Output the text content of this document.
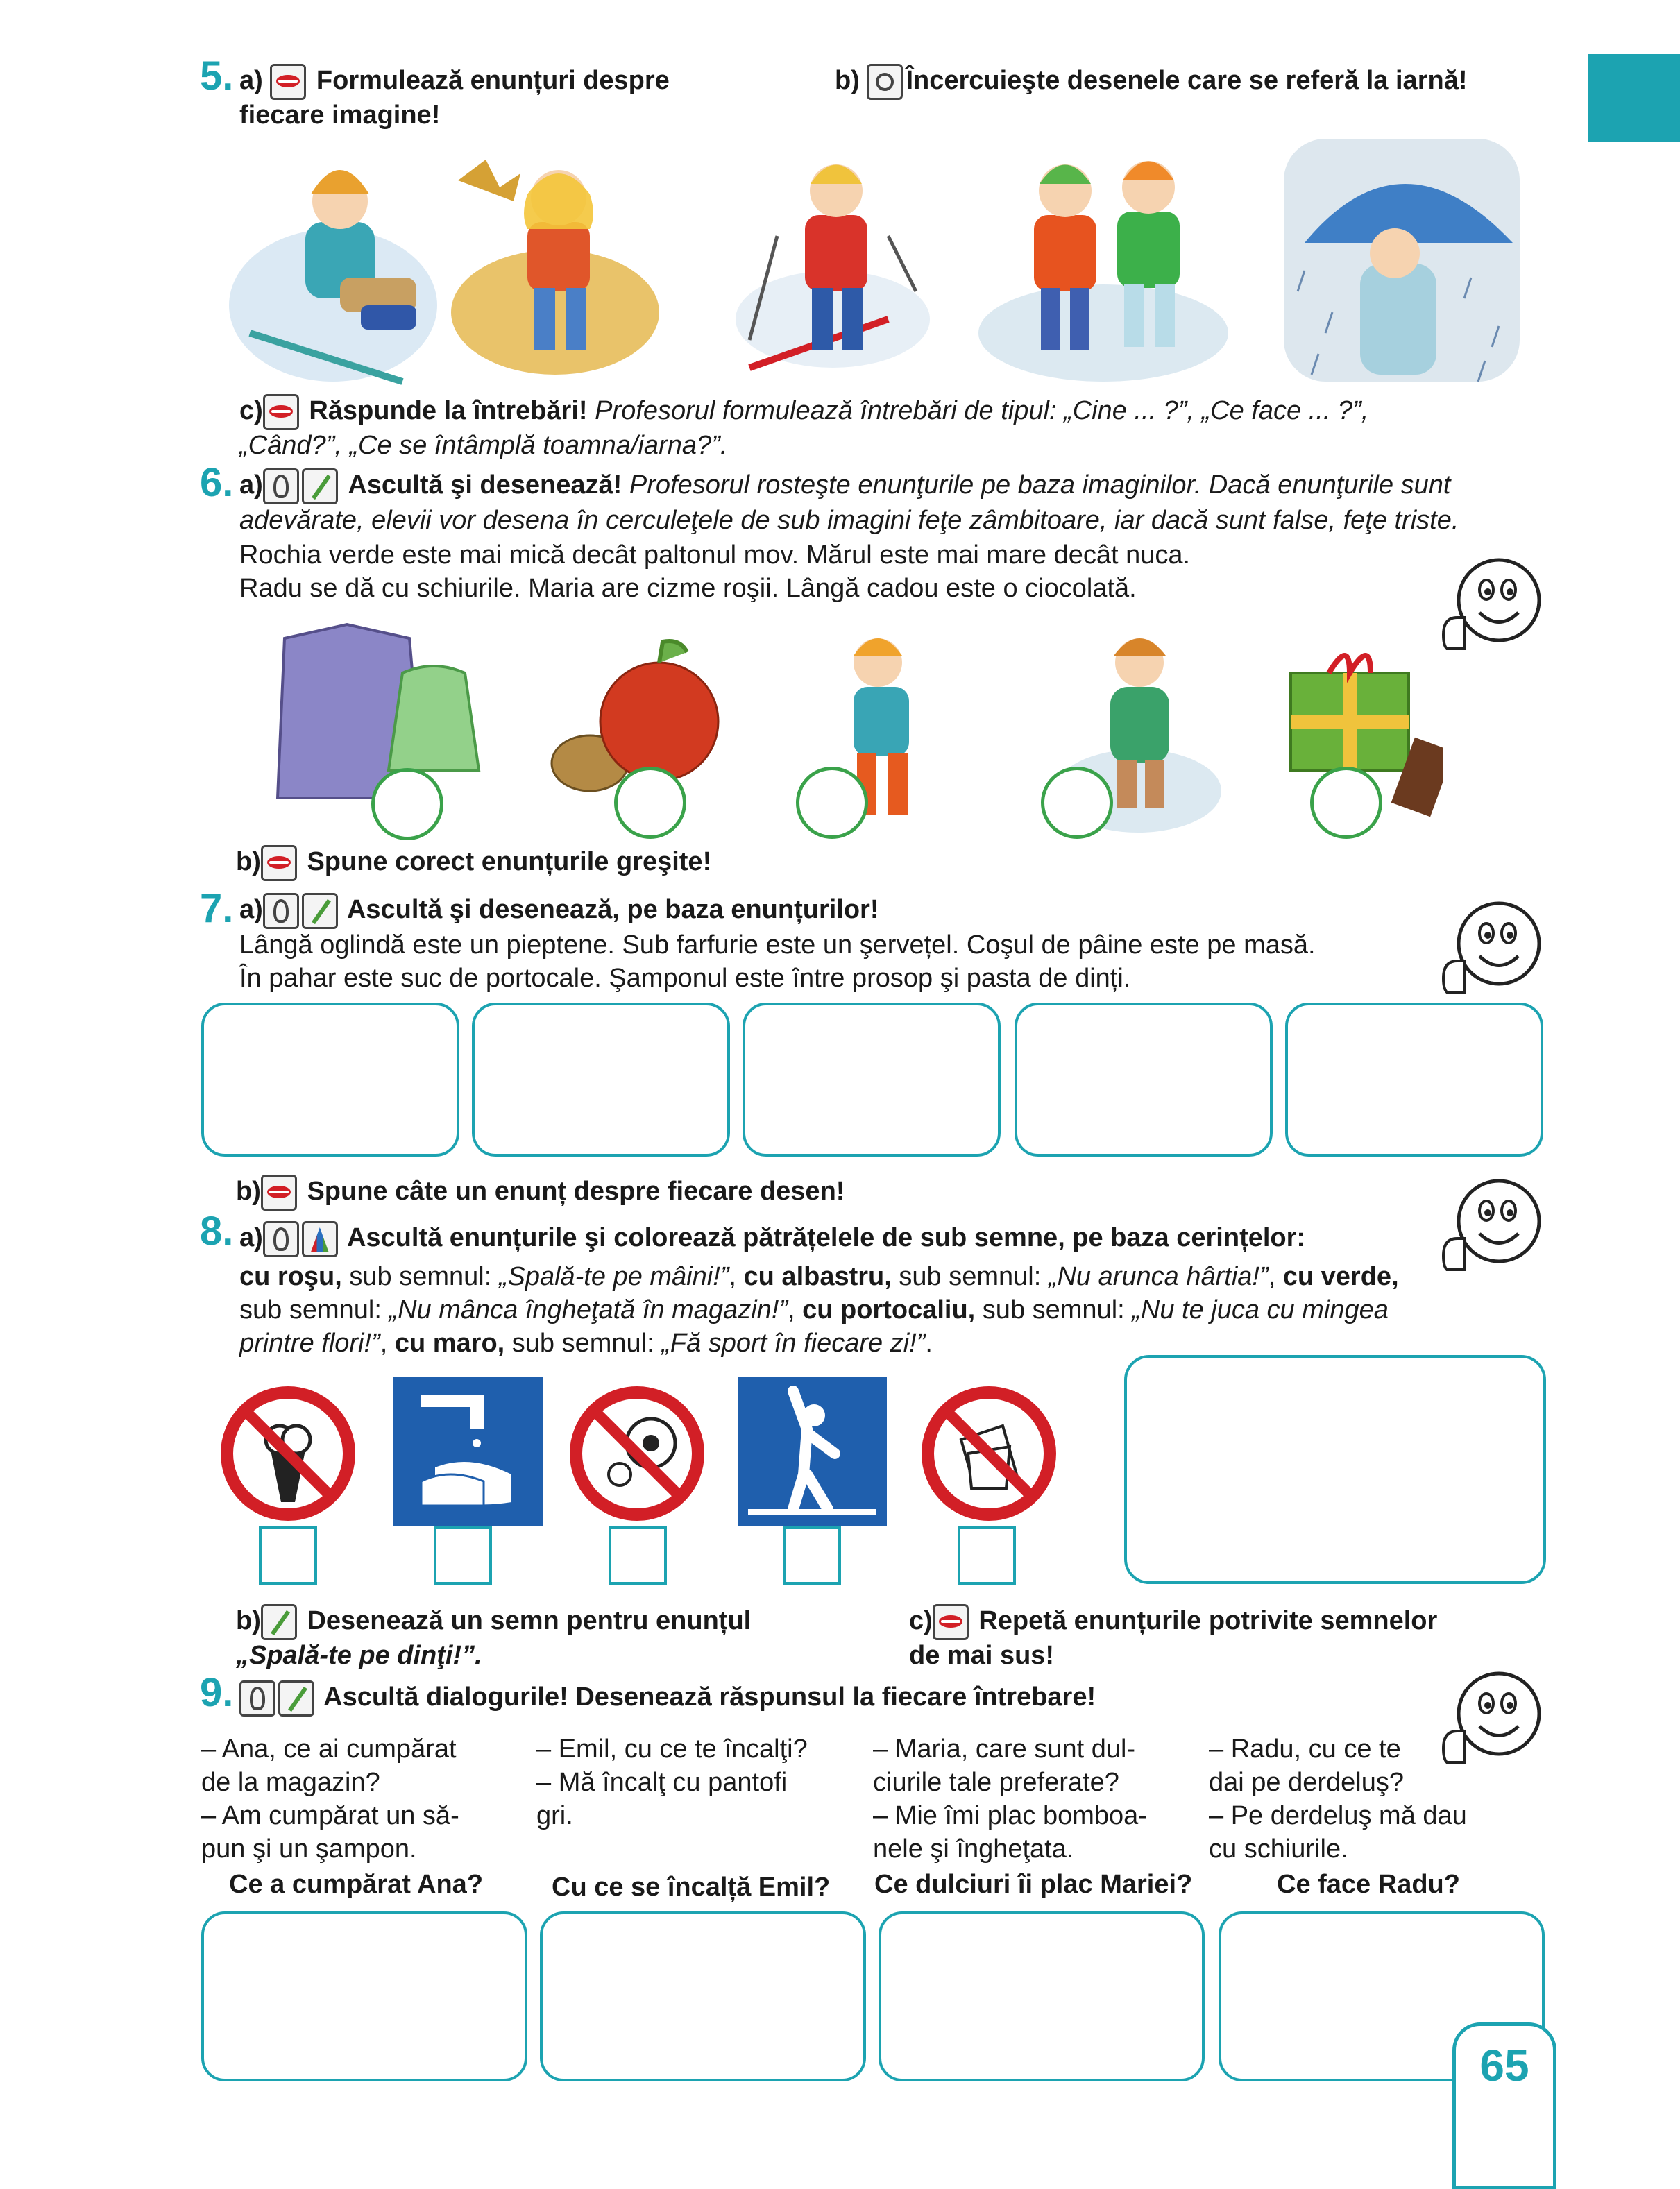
5. a) Formulează enunțuri despre
fiecare imagine!
b) Încercuieşte desenele care se referă la iarnă!
c) Răspunde la întrebări! Profesorul formulează întrebări de tipul: „Cine ... ?”, „Ce face ... ?”,
„Când?”, „Ce se întâmplă toamna/iarna?”.
6. a)	Ascultă şi desenează! Profesorul rosteşte enunţurile pe baza imaginilor. Dacă enunţurile sunt
adevărate, elevii vor desena în cerculeţele de sub imagini feţe zâmbitoare, iar dacă sunt false, feţe triste.
Rochia verde este mai mică decât paltonul mov. Mărul este mai mare decât nuca.
Radu se dă cu schiurile. Maria are cizme roşii. Lângă cadou este o ciocolată.
b) Spune corect enunțurile greşite!
7. a)	Ascultă şi desenează, pe baza enunțurilor!
Lângă oglindă este un pieptene. Sub farfurie este un şervețel. Coşul de pâine este pe masă.
În pahar este suc de portocale. Şamponul este între prosop şi pasta de dinți.
b) Spune câte un enunț despre fiecare desen!
8. a)	Ascultă enunțurile şi colorează pătrățelele de sub semne, pe baza cerințelor:
cu roşu, sub semnul: „Spală-te pe mâini!”, cu albastru, sub semnul: „Nu arunca hârtia!”, cu verde,
sub semnul: „Nu mânca îngheţată în magazin!”, cu portocaliu, sub semnul: „Nu te juca cu mingea
printre flori!”, cu maro, sub semnul: „Fă sport în fiecare zi!”.
b) Desenează un semn pentru enunțul
„Spală-te pe dinţi!”.
c) Repetă enunțurile potrivite semnelor
de mai sus!
9.	Ascultă dialogurile! Desenează răspunsul la fiecare întrebare!
– Ana, ce ai cumpărat
de la magazin?
– Am cumpărat un să-
pun şi un şampon.
– Emil, cu ce te încalţi?
– Mă încalţ cu pantofi
gri.
– Maria, care sunt dul-
ciurile tale preferate?
– Mie îmi plac bomboa-
nele şi îngheţata.
– Radu, cu ce te
dai pe derdeluş?
– Pe derdeluş mă dau
cu schiurile.
Ce a cumpărat Ana?	Cu ce se încalță Emil? Ce dulciuri îi plac Mariei?	Ce face Radu?
65
